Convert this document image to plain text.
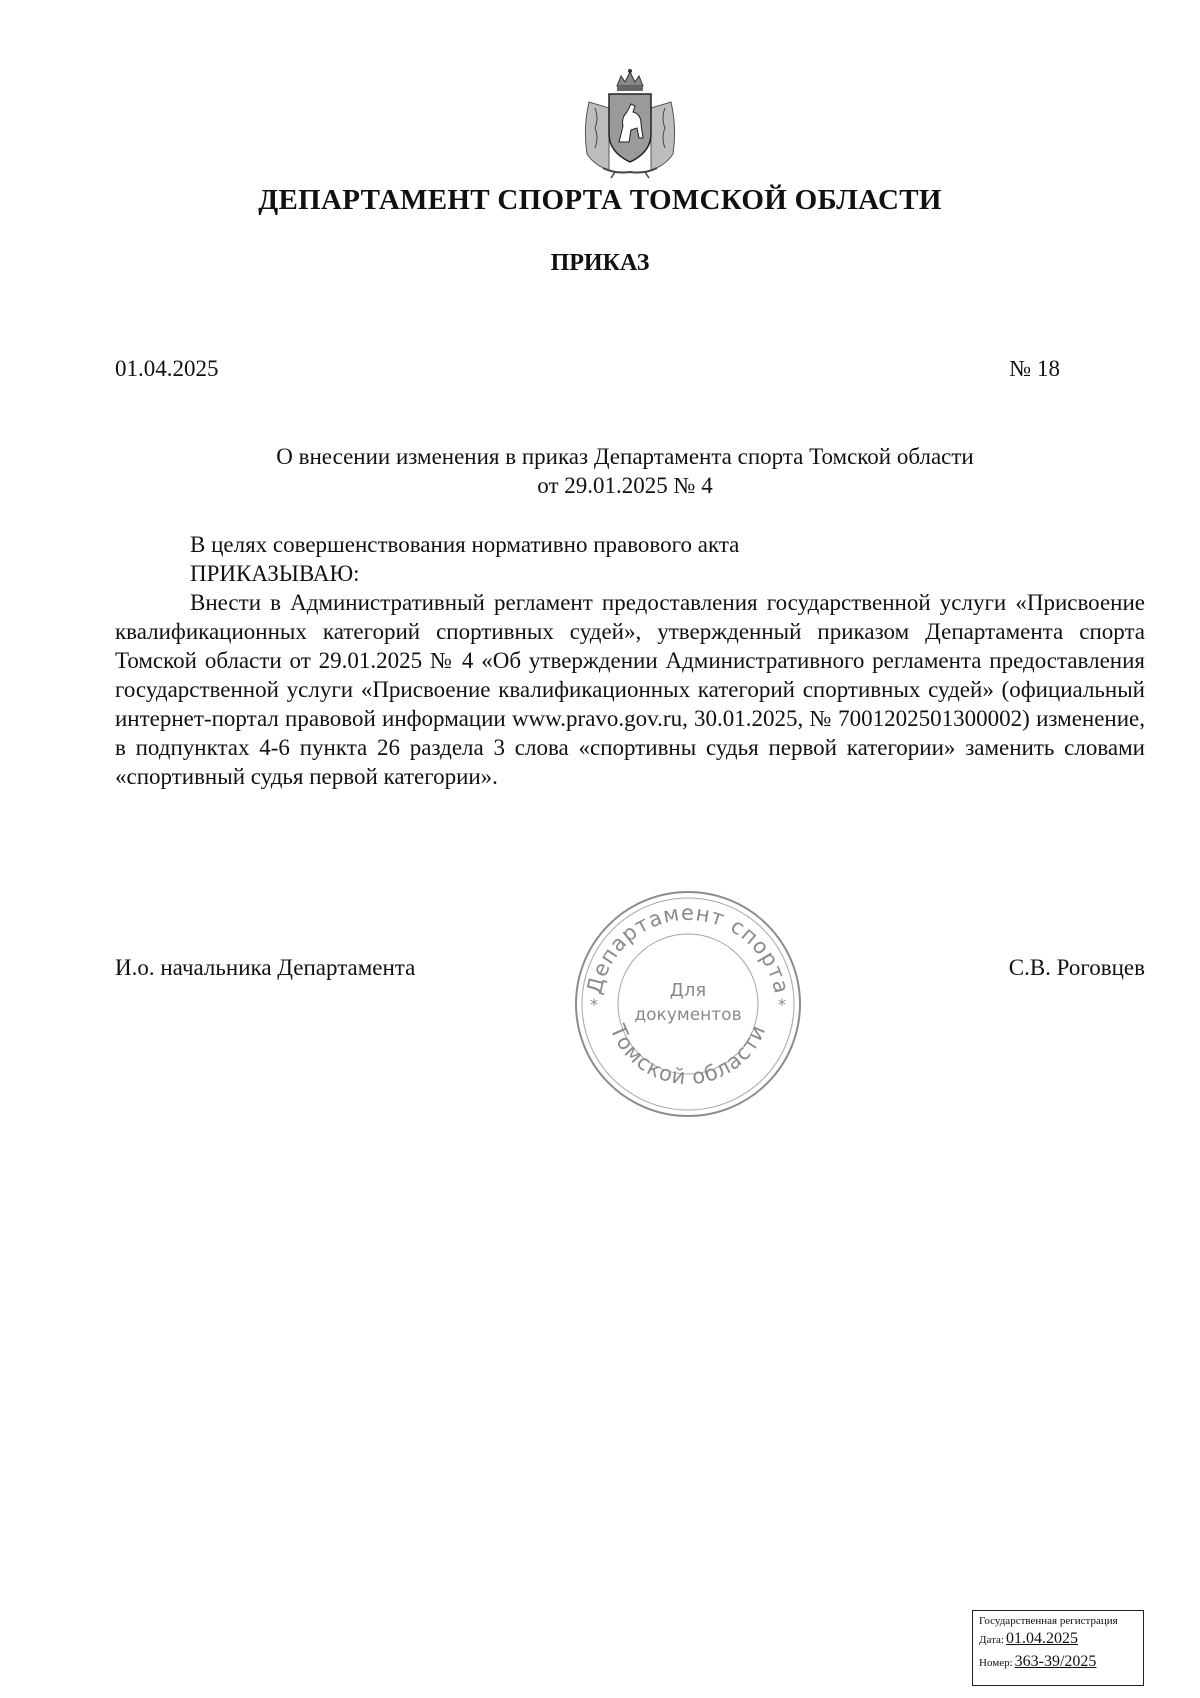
ДЕПАРТАМЕНТ СПОРТА ТОМСКОЙ ОБЛАСТИ
ПРИКАЗ
01.04.2025	№ 18
О внесении изменения в приказ Департамента спорта Томской области
от 29.01.2025 № 4
В целях совершенствования нормативно правового акта
ПРИКАЗЫВАЮ:

Внести в Административный регламент предоставления государственной услуги «Присвоение квалификационных категорий спортивных судей», утвержденный приказом Департамента спорта Томской области от 29.01.2025 № 4 «Об утверждении Административного регламента предоставления государственной услуги «Присвоение квалификационных категорий спортивных судей» (официальный интернет-портал правовой информации www.pravo.gov.ru, 30.01.2025, № 7001202501300002) изменение, в подпунктах 4-6 пункта 26 раздела 3 слова «спортивны судья первой категории» заменить словами «спортивный судья первой категории».

И.о. начальника Департамента	С.В. Роговцев
Департамент спорта
Томской области
*	*
Для
документов
Государственная регистрация
Дата: 01.04.2025
Номер: 363-39/2025
